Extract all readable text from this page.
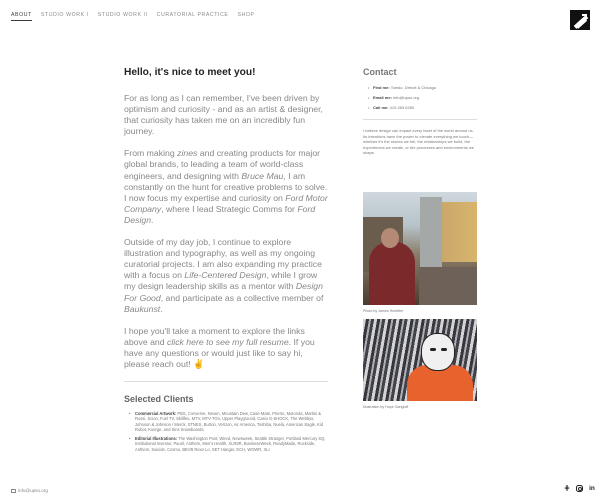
ABOUT STUDIO WORK I STUDIO WORK II CURATORIAL PRACTICE SHOP
Hello, it's nice to meet you!

For as long as I can remember, I've been driven by optimism and curiosity - and as an artist & designer, that curiosity has taken me on an incredibly fun journey.

From making zines and creating products for major global brands, to leading a team of world-class engineers, and designing with Bruce Mau, I am constantly on the hunt for creative problems to solve. I now focus my expertise and curiosity on Ford Motor Company, where I lead Strategic Comms for Ford Design.

Outside of my day job, I continue to explore illustration and typography, as well as my ongoing curatorial projects. I am also expanding my practice with a focus on Life-Centered Design, while I grow my design leadership skills as a mentor with Design For Good, and participate as a collective member of Baukunst.

I hope you'll take a moment to explore the links above and click here to see my full resume. If you have any questions or would just like to say hi, please reach out! ✌️

Selected Clients
• Commercial Artwork: PBS, Converse, Nexen, Mountain Dew, Case-Mate, Prierto, Motorola, Martini & Rossi, Scion, Fuel TV, Skillfeo, MTV, MTV-TOn, Upper Playground, Casio G-SHOCK, The Webbys, Johnson & Johnson / Merck, STNES, Burton, Verizon, Air America, Toshiba, Nuela, American Eagle, Kid Robot, Kuerge, and Sins Snowboards.
• Editorial Illustrations: The Washington Post, Wired, Newsweek, Seattle Stranger, Portland Mercury SQ, Institutional Investor, Paunl, Anthem, Men's Health, XLR8R, BusinessWeek, ReadyMade, Rockside, Anthem, Suicide, Cosmo, BEVB Rexo Lo, SET Hanger, ECH, WOWR, XLI
Contact
• Find me: Toledo, Detroit & Chicago
• Email me: info@upso.org
• Call me: 419.283.6359

I believe design can impact every facet of the world around us. Its intentions have the power to elevate everything we touch—whether it's the stories we tell, the relationships we build, the experiences we create, or the processes and environments we shape.

Photo by James Hedetler
Illustration by Hope Gangloff
info@upso.org	⋕	in
